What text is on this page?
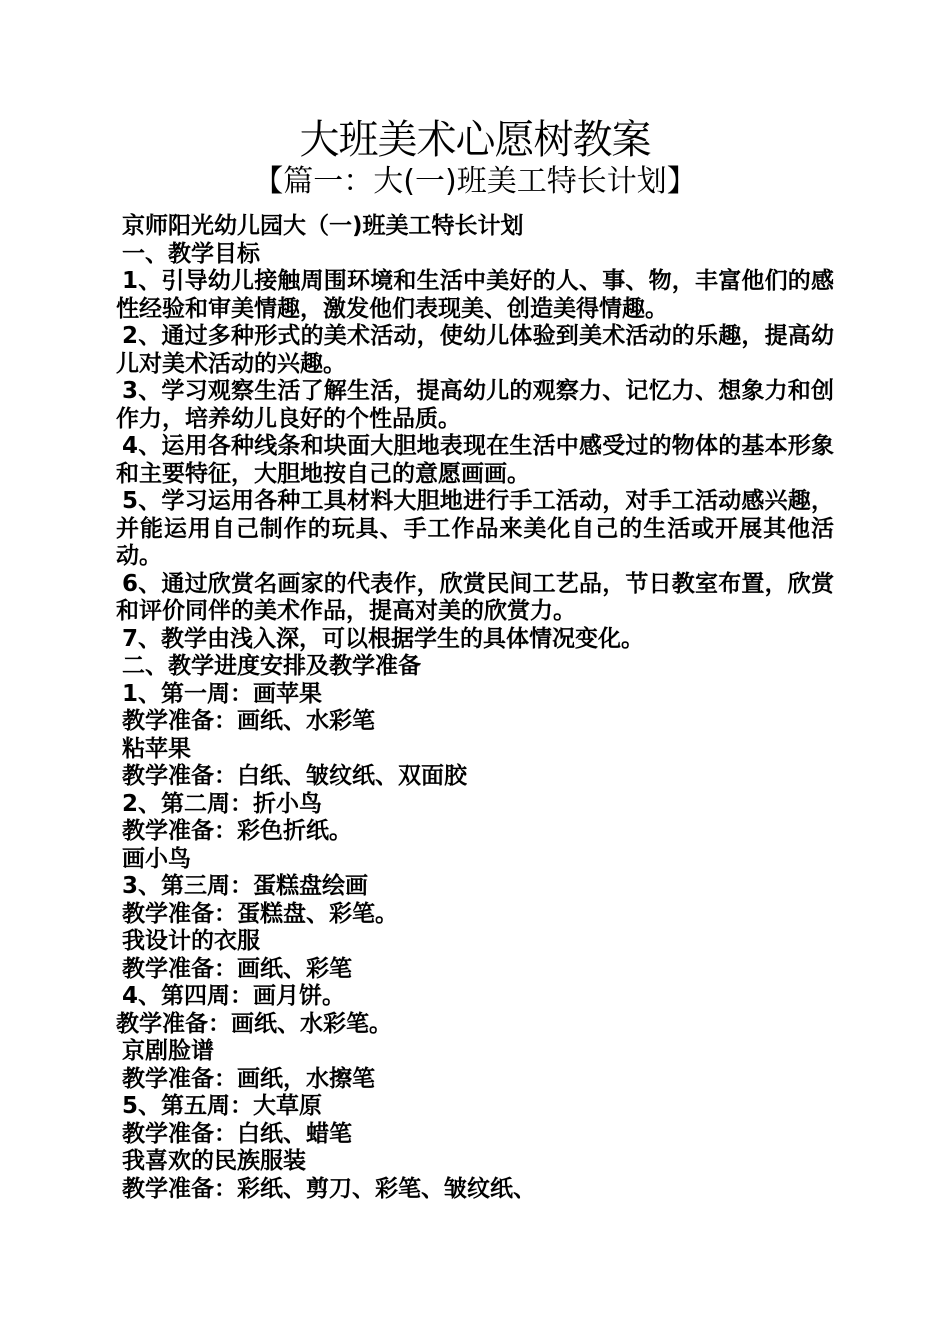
大班美术心愿树教案
【篇一：大(一)班美工特长计划】
京师阳光幼儿园大（一)班美工特长计划
一、教学目标
1、引导幼儿接触周围环境和生活中美好的人、事、物，丰富他们的感性经验和审美情趣，激发他们表现美、创造美得情趣。
2、通过多种形式的美术活动，使幼儿体验到美术活动的乐趣，提高幼儿对美术活动的兴趣。
3、学习观察生活了解生活，提高幼儿的观察力、记忆力、想象力和创作力，培养幼儿良好的个性品质。
4、运用各种线条和块面大胆地表现在生活中感受过的物体的基本形象和主要特征，大胆地按自己的意愿画画。
5、学习运用各种工具材料大胆地进行手工活动，对手工活动感兴趣，并能运用自己制作的玩具、手工作品来美化自己的生活或开展其他活动。
6、通过欣赏名画家的代表作，欣赏民间工艺品，节日教室布置，欣赏和评价同伴的美术作品，提高对美的欣赏力。
7、教学由浅入深，可以根据学生的具体情况变化。
二、教学进度安排及教学准备
1、第一周：画苹果
教学准备：画纸、水彩笔
粘苹果
教学准备：白纸、皱纹纸、双面胶
2、第二周：折小鸟
教学准备：彩色折纸。
画小鸟
3、第三周：蛋糕盘绘画
教学准备：蛋糕盘、彩笔。
我设计的衣服
教学准备：画纸、彩笔
4、第四周：画月饼。
教学准备：画纸、水彩笔。
京剧脸谱
教学准备：画纸，水擦笔
5、第五周：大草原
教学准备：白纸、蜡笔
我喜欢的民族服装
教学准备：彩纸、剪刀、彩笔、皱纹纸、
